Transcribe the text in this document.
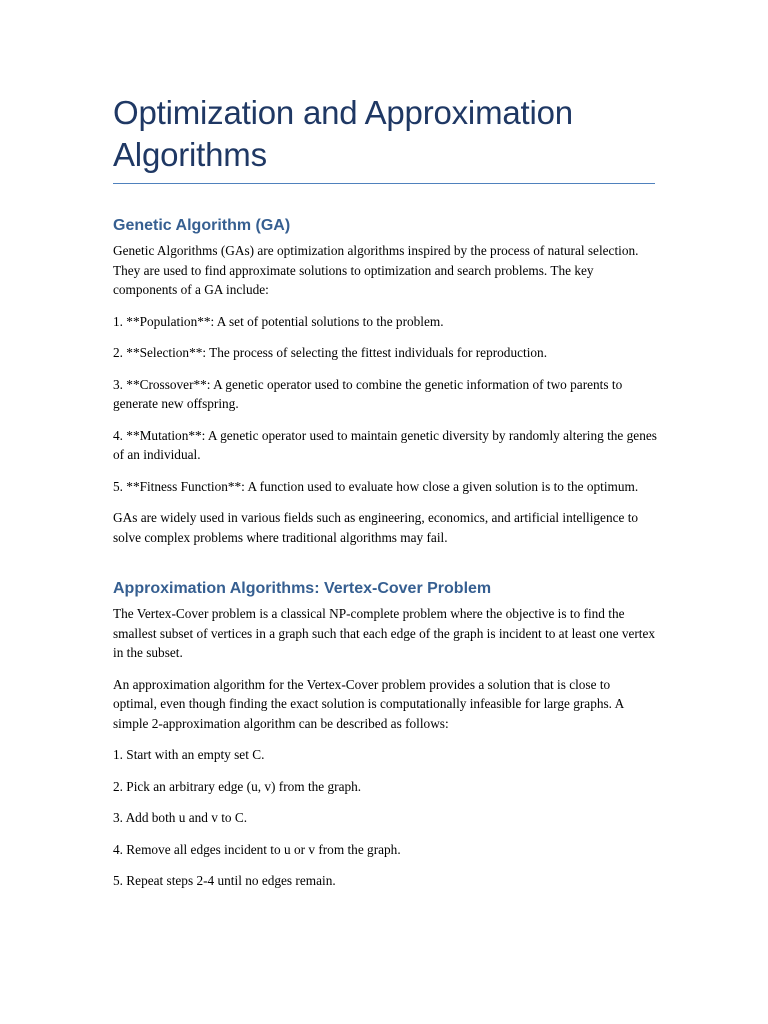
Optimization and Approximation Algorithms
Genetic Algorithm (GA)

Genetic Algorithms (GAs) are optimization algorithms inspired by the process of natural selection. They are used to find approximate solutions to optimization and search problems. The key components of a GA include:

1. **Population**: A set of potential solutions to the problem.

2. **Selection**: The process of selecting the fittest individuals for reproduction.

3. **Crossover**: A genetic operator used to combine the genetic information of two parents to generate new offspring.

4. **Mutation**: A genetic operator used to maintain genetic diversity by randomly altering the genes of an individual.

5. **Fitness Function**: A function used to evaluate how close a given solution is to the optimum.

GAs are widely used in various fields such as engineering, economics, and artificial intelligence to solve complex problems where traditional algorithms may fail.

Approximation Algorithms: Vertex-Cover Problem

The Vertex-Cover problem is a classical NP-complete problem where the objective is to find the smallest subset of vertices in a graph such that each edge of the graph is incident to at least one vertex in the subset.

An approximation algorithm for the Vertex-Cover problem provides a solution that is close to optimal, even though finding the exact solution is computationally infeasible for large graphs. A simple 2-approximation algorithm can be described as follows:

1. Start with an empty set C.

2. Pick an arbitrary edge (u, v) from the graph.

3. Add both u and v to C.

4. Remove all edges incident to u or v from the graph.

5. Repeat steps 2-4 until no edges remain.
